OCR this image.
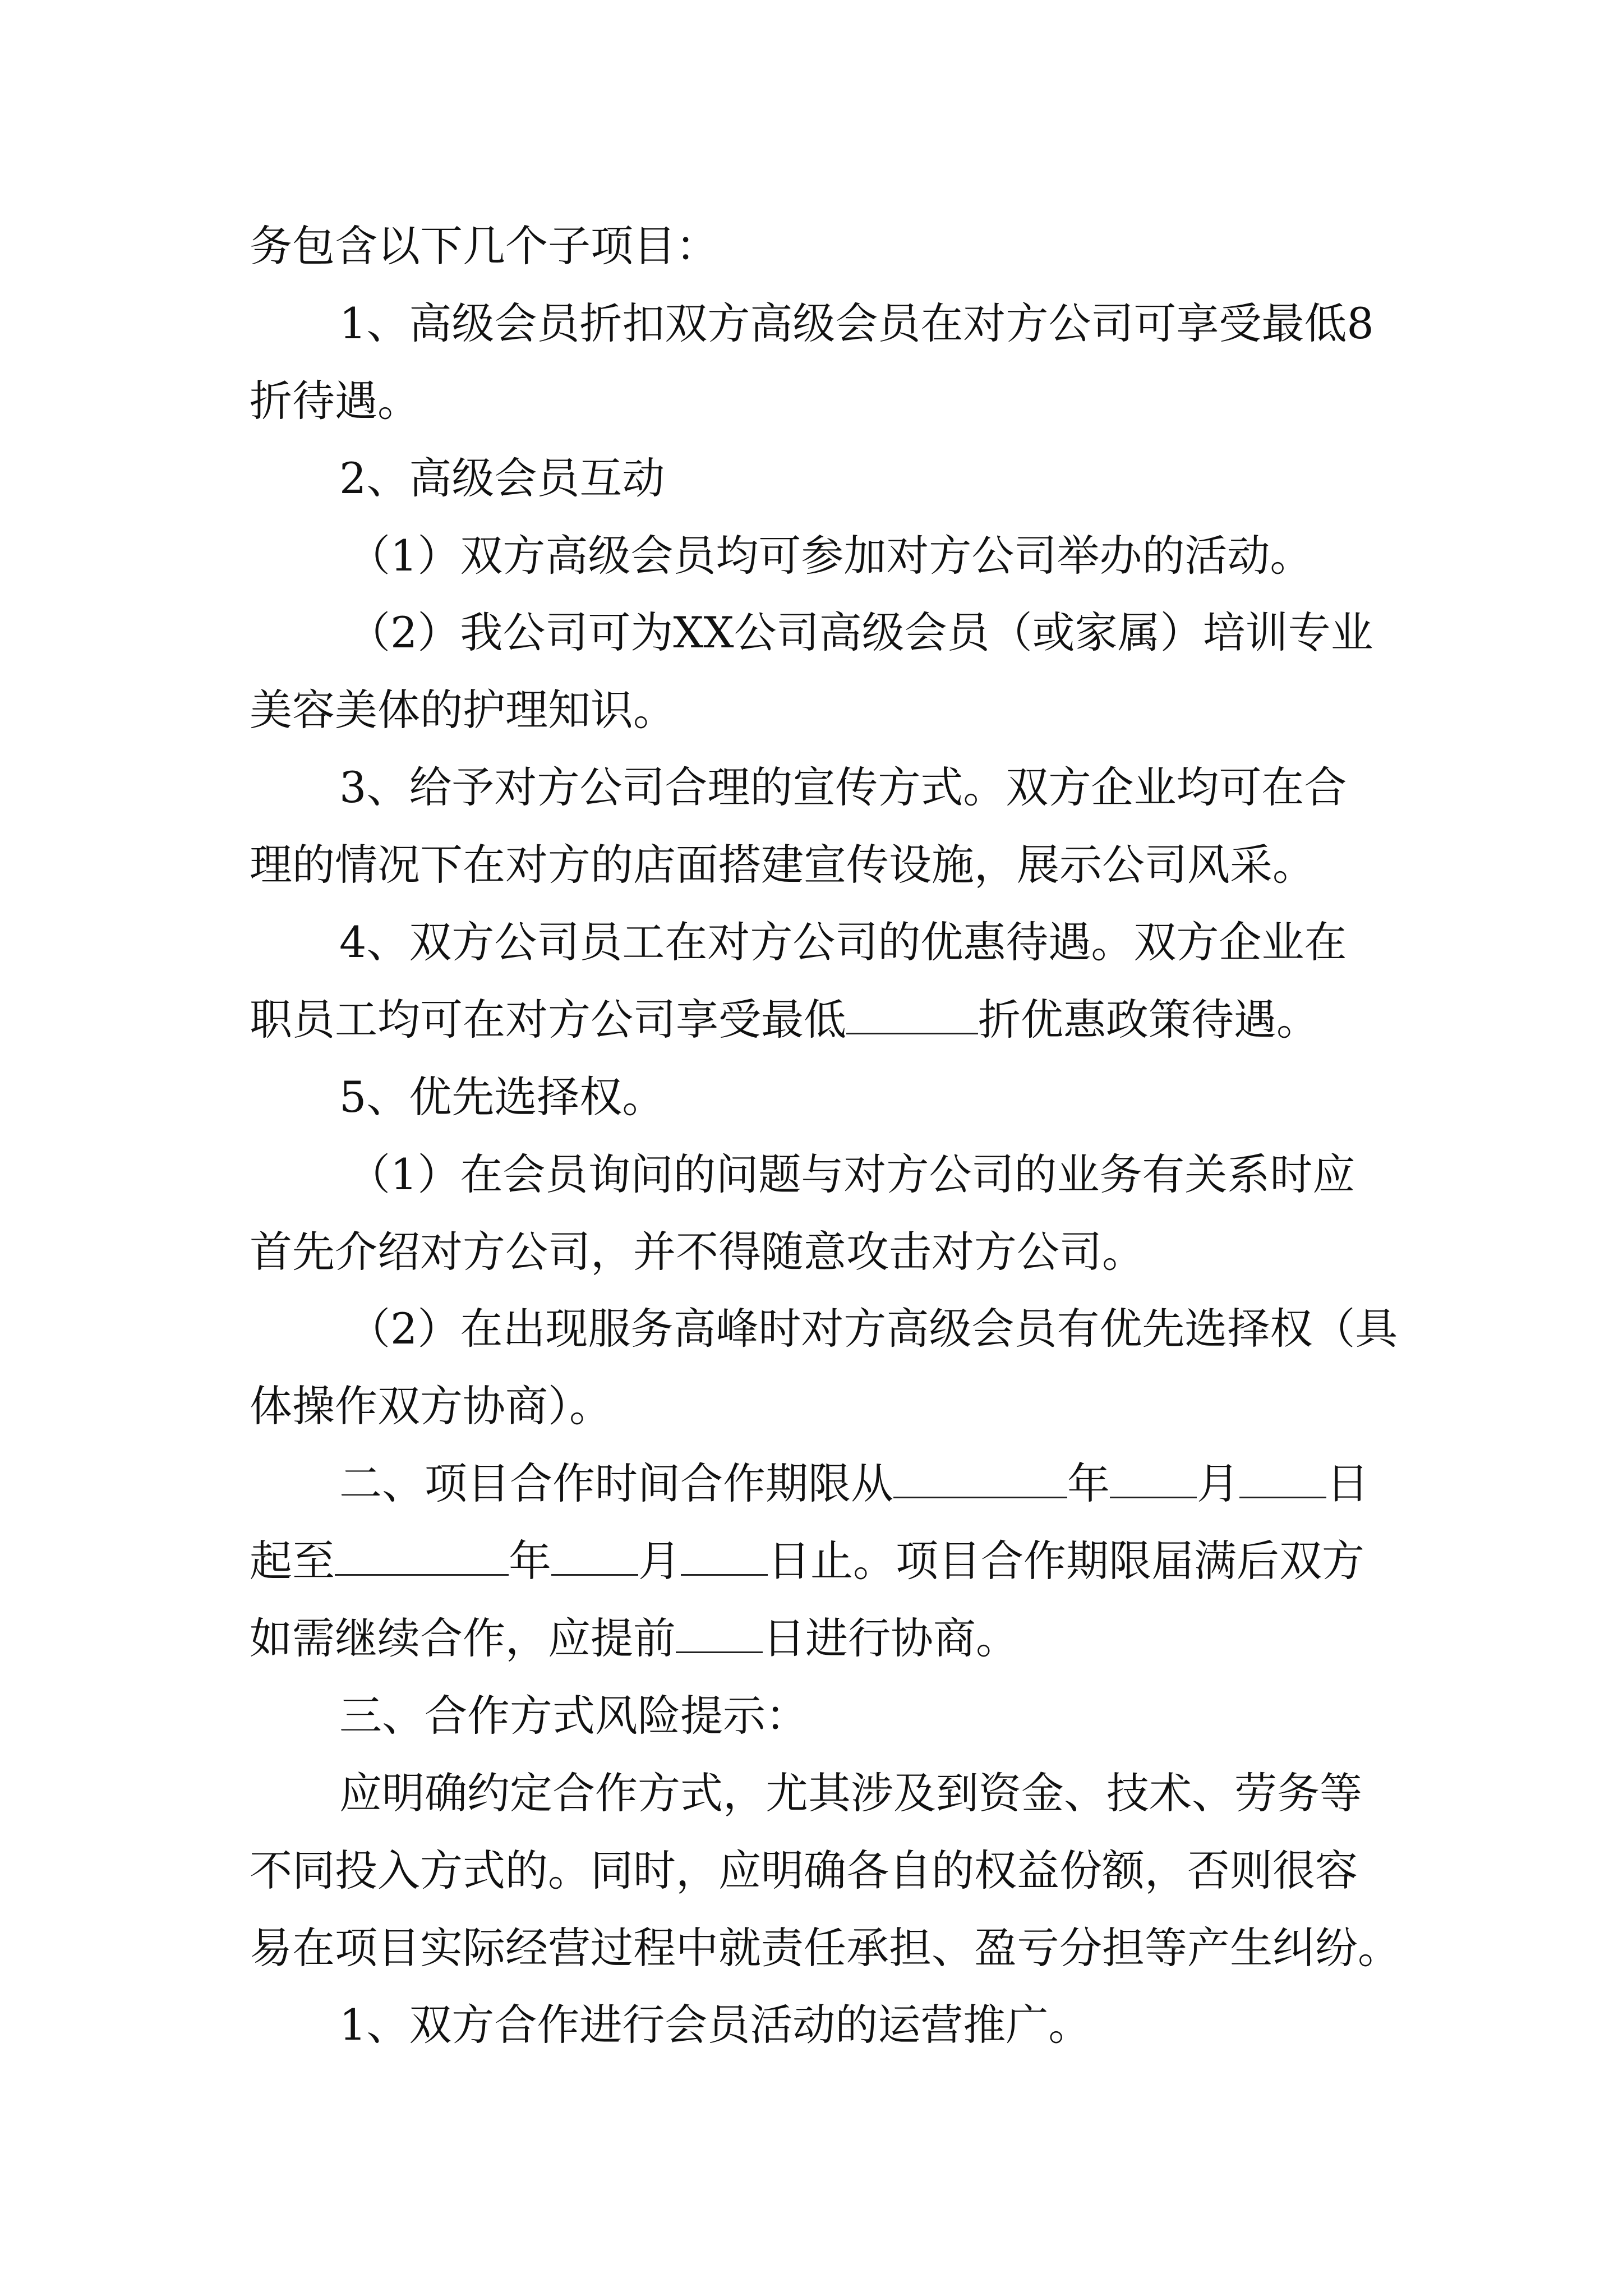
务包含以下几个子项目：
1、高级会员折扣双方高级会员在对方公司可享受最低8
折待遇。
2、高级会员互动
（1）双方高级会员均可参加对方公司举办的活动。
（2）我公司可为XX公司高级会员（或家属）培训专业
美容美体的护理知识。
3、给予对方公司合理的宣传方式。双方企业均可在合
理的情况下在对方的店面搭建宣传设施，展示公司风采。
4、双方公司员工在对方公司的优惠待遇。双方企业在
职员工均可在对方公司享受最低	折优惠政策待遇。
5、优先选择权。
（1）在会员询问的问题与对方公司的业务有关系时应
首先介绍对方公司，并不得随意攻击对方公司。
（2）在出现服务高峰时对方高级会员有优先选择权（具
体操作双方协商）。
二、项目合作时间合作期限从	年 月 日
起至	年 月 日止。项目合作期限届满后双方
如需继续合作，应提前 日进行协商。
三、合作方式风险提示：
应明确约定合作方式，尤其涉及到资金、技术、劳务等
不同投入方式的。同时，应明确各自的权益份额，否则很容
易在项目实际经营过程中就责任承担、盈亏分担等产生纠纷。
1、双方合作进行会员活动的运营推广。
